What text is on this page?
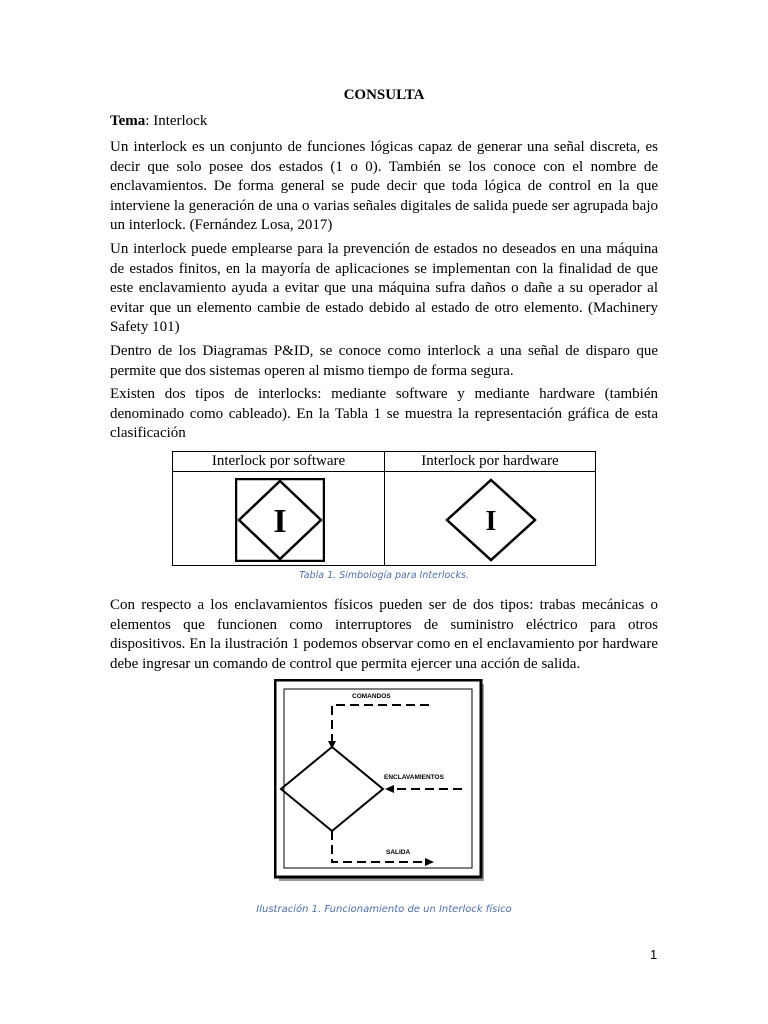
CONSULTA
Tema: Interlock

Un interlock es un conjunto de funciones lógicas capaz de generar una señal discreta, es decir que solo posee dos estados (1 o 0). También se los conoce con el nombre de enclavamientos. De forma general se pude decir que toda lógica de control en la que interviene la generación de una o varias señales digitales de salida puede ser agrupada bajo un interlock. (Fernández Losa, 2017)

Un interlock puede emplearse para la prevención de estados no deseados en una máquina de estados finitos, en la mayoría de aplicaciones se implementan con la finalidad de que este enclavamiento ayuda a evitar que una máquina sufra daños o dañe a su operador al evitar que un elemento cambie de estado debido al estado de otro elemento. (Machinery Safety 101)

Dentro de los Diagramas P&ID, se conoce como interlock a una señal de disparo que permite que dos sistemas operen al mismo tiempo de forma segura.

Existen dos tipos de interlocks: mediante software y mediante hardware (también denominado como cableado). En la Tabla 1 se muestra la representación gráfica de esta clasificación

Interlock por software	Interlock por hardware
I	I
Tabla 1. Simbología para Interlocks.

Con respecto a los enclavamientos físicos pueden ser de dos tipos: trabas mecánicas o elementos que funcionen como interruptores de suministro eléctrico para otros dispositivos. En la ilustración 1 podemos observar como en el enclavamiento por hardware debe ingresar un comando de control que permita ejercer una acción de salida.

COMANDOS
ENCLAVAMIENTOS
SALIDA
Ilustración 1. Funcionamiento de un Interlock físico
1
